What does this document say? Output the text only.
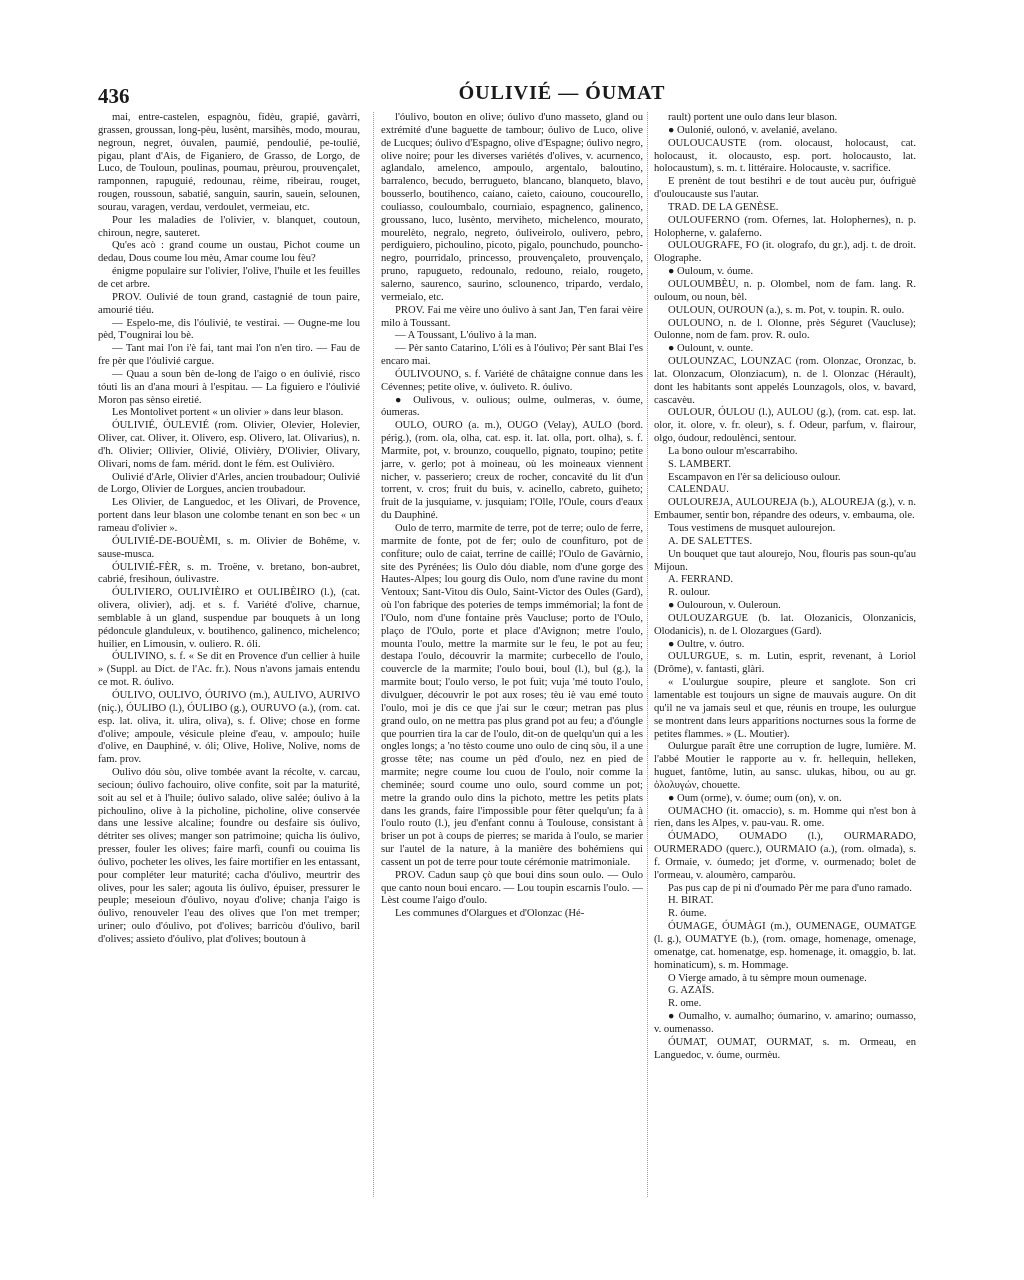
436	ÓULIVIÉ — ÓUMAT

mai, entre-castelen, espagnòu, fidèu, grapié, gavàrri, grassen, groussan, long-pèu, lusènt, marsihès, modo, mourau, negroun, negret, óuvalen, paumié, pendoulié, pe-toulié, pigau, plant d'Ais, de Figaniero, de Grasso, de Lorgo, de Luco, de Touloun, poulinas, poumau, prèurou, prouvençalet, ramponnen, rapuguié, redounau, rèime, ribeirau, rouget, rougen, roussoun, sabatié, sanguin, saurin, sauein, selounen, sourau, varagen, verdau, verdoulet, vermeiau, etc.

Pour les maladies de l'olivier, v. blanquet, coutoun, chiroun, negre, sauteret.

Qu'es acò : grand coume un oustau, Pichot coume un dedau, Dous coume lou mèu, Amar coume lou fèu?

énigme populaire sur l'olivier, l'olive, l'huile et les feuilles de cet arbre.

PROV. Oulivié de toun grand, castagnié de toun paire, amourié tiéu.

— Espelo-me, dis l'óulivié, te vestirai. — Ougne-me lou pèd, T'ougnirai lou bè.

— Tant mai l'on i'è fai, tant mai l'on n'en tiro. — Fau de fre pèr que l'óulivié cargue.

— Quau a soun bèn de-long de l'aigo o en óulivié, risco tóuti lis an d'ana mouri à l'espitau. — La figuiero e l'óulivié Moron pas sènso eiretié.

Les Montolivet portent « un olivier » dans leur blason.

ÓULIVIÉ, ÓULEVIÉ (rom. Olivier, Olevier, Holevier, Oliver, cat. Oliver, it. Olivero, esp. Olivero, lat. Olivarius), n. d'h. Olivier; Ollivier, Olivié, Olivièry, D'Olivier, Olivary, Olivari, noms de fam. mérid. dont le fém. est Oulivièro.

Oulivié d'Arle, Olivier d'Arles, ancien troubadour; Oulivié de Lorgo, Olivier de Lorgues, ancien troubadour.

Les Olivier, de Languedoc, et les Olivari, de Provence, portent dans leur blason une colombe tenant en son bec « un rameau d'olivier ».

ÓULIVIÉ-DE-BOUÈMI, s. m. Olivier de Bohême, v. sause-musca.

ÓULIVIÉ-FÈR, s. m. Troëne, v. bretano, bon-aubret, cabrié, fresihoun, óulivastre.

ÓULIVIERO, OULIVIÈIRO et OULIBÈIRO (l.), (cat. olivera, olivier), adj. et s. f. Variété d'olive, charnue, semblable à un gland, suspendue par bouquets à un long pédoncule glanduleux, v. boutihenco, galinenco, michelenco; huilier, en Limousin, v. ouliero. R. óli.

ÓULIVINO, s. f. « Se dit en Provence d'un cellier à huile » (Suppl. au Dict. de l'Ac. fr.). Nous n'avons jamais entendu ce mot. R. óulivo.

ÓULIVO, OULIVO, ÓURIVO (m.), AULIVO, AURIVO (niç.), ÓULIBO (l.), ÓULIBO (g.), OURUVO (a.), (rom. cat. esp. lat. oliva, it. ulira, oliva), s. f. Olive; chose en forme d'olive; ampoule, vésicule pleine d'eau, v. ampoulo; huile d'olive, en Dauphiné, v. óli; Olive, Holive, Nolive, noms de fam. prov.

Oulivo dóu sòu, olive tombée avant la récolte, v. carcau, secioun; óulivo fachouiro, olive confite, soit par la maturité, soit au sel et à l'huile; óulivo salado, olive salée; óulivo à la pichoulino, olive à la picholine, picholine, olive conservée dans une lessive alcaline; foundre ou desfaire sis óulivo, détriter ses olives; manger son patrimoine; quicha lis óulivo, presser, fouler les olives; faire marfi, counfi ou couima lis óulivo, pocheter les olives, les faire mortifier en les entassant, pour compléter leur maturité; cacha d'óulivo, meurtrir des olives, pour les saler; agouta lis óulivo, épuiser, pressurer le peuple; meseioun d'óulivo, noyau d'olive; chanja l'aigo is óulivo, renouveler l'eau des olives que l'on met tremper; uriner; oulo d'óulivo, pot d'olives; barricòu d'óulivo, baril d'olives; assieto d'óulivo, plat d'olives; boutoun à

l'óulivo, bouton en olive; óulivo d'uno masseto, gland ou extrémité d'une baguette de tambour; óulivo de Luco, olive de Lucques; óulivo d'Espagno, olive d'Espagne; óulivo negro, olive noire; pour les diverses variétés d'olives, v. acurnenco, aglandalo, amelenco, ampoulo, argentalo, baloutino, barralenco, becudo, berrugueto, blancano, blanqueto, blavo, bousserlo, boutihenco, caiano, caieto, caiouno, coucourello, couliasso, couloumbalo, courniaio, espagnenco, galinenco, groussano, luco, lusènto, merviheto, michelenco, mourato, mourelèto, negralo, negreto, óuliveirolo, oulivero, pebro, perdiguiero, pichoulino, picoto, pigalo, pounchudo, pouncho-negro, pourridalo, princesso, prouvençaleto, prouvençalo, pruno, rapugueto, redounalo, redouno, reialo, rougeto, salerno, saurenco, saurino, sclounenco, tripardo, verdalo, vermeialo, etc.

PROV. Fai me vèire uno óulivo à sant Jan, T'en farai vèire milo à Toussant.

— A Toussant, L'óulivo à la man.

— Pèr santo Catarino, L'óli es à l'óulivo; Pèr sant Blai I'es encaro mai.

ÓULIVOUNO, s. f. Variété de châtaigne connue dans les Cévennes; petite olive, v. óuliveto. R. óulivo.

● Oulivous, v. oulious; oulme, oulmeras, v. óume, óumeras.

OULO, OURO (a. m.), OUGO (Velay), AULO (bord. périg.), (rom. ola, olha, cat. esp. it. lat. olla, port. olha), s. f. Marmite, pot, v. brounzo, couquello, pignato, toupino; petite jarre, v. gerlo; pot à moineau, où les moineaux viennent nicher, v. passeriero; creux de rocher, concavité du lit d'un torrent, v. cros; fruit du buis, v. acinello, cabreto, guiheto; fruit de la jusquiame, v. jusquiam; l'Olle, l'Oule, cours d'eaux du Dauphiné.

Oulo de terro, marmite de terre, pot de terre; oulo de ferre, marmite de fonte, pot de fer; oulo de counfituro, pot de confiture; oulo de caiat, terrine de caillé; l'Oulo de Gavàrnio, site des Pyrénées; lis Oulo dóu diable, nom d'une gorge des Hautes-Alpes; lou gourg dis Oulo, nom d'une ravine du mont Ventoux; Sant-Vitou dis Oulo, Saint-Victor des Oules (Gard), où l'on fabrique des poteries de temps immémorial; la font de l'Oulo, nom d'une fontaine près Vaucluse; porto de l'Oulo, plaço de l'Oulo, porte et place d'Avignon; metre l'oulo, mounta l'oulo, mettre la marmite sur le feu, le pot au feu; destapa l'oulo, découvrir la marmite; curbecello de l'oulo, couvercle de la marmite; l'oulo boui, boul (l.), bul (g.), la marmite bout; l'oulo verso, le pot fuit; vuja 'mé touto l'oulo, divulguer, découvrir le pot aux roses; tèu iè vau emé touto l'oulo, moi je dis ce que j'ai sur le cœur; metran pas plus grand oulo, on ne mettra pas plus grand pot au feu; a d'óungle que pourrien tira la car de l'oulo, dit-on de quelqu'un qui a les ongles longs; a 'no tèsto coume uno oulo de cinq sòu, il a une grosse tête; nas coume un pèd d'oulo, nez en pied de marmite; negre coume lou cuou de l'oulo, noir comme la cheminée; sourd coume uno oulo, sourd comme un pot; metre la grando oulo dins la pichoto, mettre les petits plats dans les grands, faire l'impossible pour fêter quelqu'un; fa à l'oulo routo (l.), jeu d'enfant connu à Toulouse, consistant à briser un pot à coups de pierres; se marida à l'oulo, se marier sur l'autel de la nature, à la manière des bohémiens qui cassent un pot de terre pour toute cérémonie matrimoniale.

PROV. Cadun saup çò que boui dins soun oulo. — Oulo que canto noun boui encaro. — Lou toupin escarnis l'oulo. — Lèst coume l'aigo d'oulo.

Les communes d'Olargues et d'Olonzac (Hé-

rault) portent une oulo dans leur blason.

● Oulonié, oulonó, v. avelanié, avelano.

OULOUCAUSTE (rom. olocaust, holocaust, cat. holocaust, it. olocausto, esp. port. holocausto, lat. holocaustum), s. m. t. littéraire. Holocauste, v. sacrifice.

E prenènt de tout bestihri e de tout aucèu pur, óufriguè d'ouloucauste sus l'autar.

TRAD. DE LA GENÈSE.

OULOUFERNO (rom. Ofernes, lat. Holophernes), n. p. Holopherne, v. galaferno.

OULOUGRAFE, FO (it. olografo, du gr.), adj. t. de droit. Olographe.

● Ouloum, v. óume.

OULOUMBÈU, n. p. Olombel, nom de fam. lang. R. ouloum, ou noun, bèl.

OULOUN, OUROUN (a.), s. m. Pot, v. toupin. R. oulo.

OULOUNO, n. de l. Olonne, près Séguret (Vaucluse); Oulonne, nom de fam. prov. R. oulo.

● Oulount, v. ounte.

OULOUNZAC, LOUNZAC (rom. Olonzac, Oronzac, b. lat. Olonzacum, Olonziacum), n. de l. Olonzac (Hérault), dont les habitants sont appelés Lounzagols, olos, v. bavard, cascavèu.

OULOUR, ÓULOU (l.), AULOU (g.), (rom. cat. esp. lat. olor, it. olore, v. fr. oleur), s. f. Odeur, parfum, v. flairour, olgo, óudour, redoulènci, sentour.

La bono oulour m'escarrabiho.

S. LAMBERT.

Escampavon en l'èr sa deliciouso oulour.

CALENDAU.

OULOUREJA, AULOUREJA (b.), ALOUREJA (g.), v. n. Embaumer, sentir bon, répandre des odeurs, v. embauma, ole.

Tous vestimens de musquet aulourejon.

A. DE SALETTES.

Un bouquet que taut alourejo, Nou, flouris pas soun-qu'au Mijoun.

A. FERRAND.

R. oulour.

● Oulouroun, v. Ouleroun.

OULOUZARGUE (b. lat. Olozanicis, Olonzanicis, Olodanicis), n. de l. Olozargues (Gard).

● Oultre, v. óutro.

OULURGUE, s. m. Lutin, esprit, revenant, à Loriol (Drôme), v. fantasti, glàri.

« L'oulurgue soupire, pleure et sanglote. Son cri lamentable est toujours un signe de mauvais augure. On dit qu'il ne va jamais seul et que, réunis en troupe, les oulurgue se montrent dans leurs apparitions nocturnes sous la forme de petites flammes. » (L. Moutier).

Oulurgue paraît être une corruption de lugre, lumière. M. l'abbé Moutier le rapporte au v. fr. hellequin, helleken, huguet, fantôme, lutin, au sansc. ulukas, hibou, ou au gr. ὀλολυγών, chouette.

● Oum (orme), v. óume; oum (on), v. on.

OUMACHO (it. omaccio), s. m. Homme qui n'est bon à rien, dans les Alpes, v. pau-vau. R. ome.

ÓUMADO, OUMADO (l.), OURMARADO, OURMERADO (querc.), OURMAIO (a.), (rom. olmada), s. f. Ormaie, v. óumedo; jet d'orme, v. ourmenado; bolet de l'ormeau, v. aloumèro, camparòu.

Pas pus cap de pi ni d'oumado Pèr me para d'uno ramado.

H. BIRAT.

R. óume.

ÓUMAGE, ÓUMÀGI (m.), OUMENAGE, OUMATGE (l. g.), OUMATYE (b.), (rom. omage, homenage, omenage, omenatge, cat. homenatge, esp. homenage, it. omaggio, b. lat. hominaticum), s. m. Hommage.

O Vierge amado, à tu sèmpre moun oumenage.

G. AZAÏS.

R. ome.

● Oumalho, v. aumalho; óumarino, v. amarino; oumasso, v. oumenasso.

ÓUMAT, OUMAT, OURMAT, s. m. Ormeau, en Languedoc, v. óume, ourmèu.
